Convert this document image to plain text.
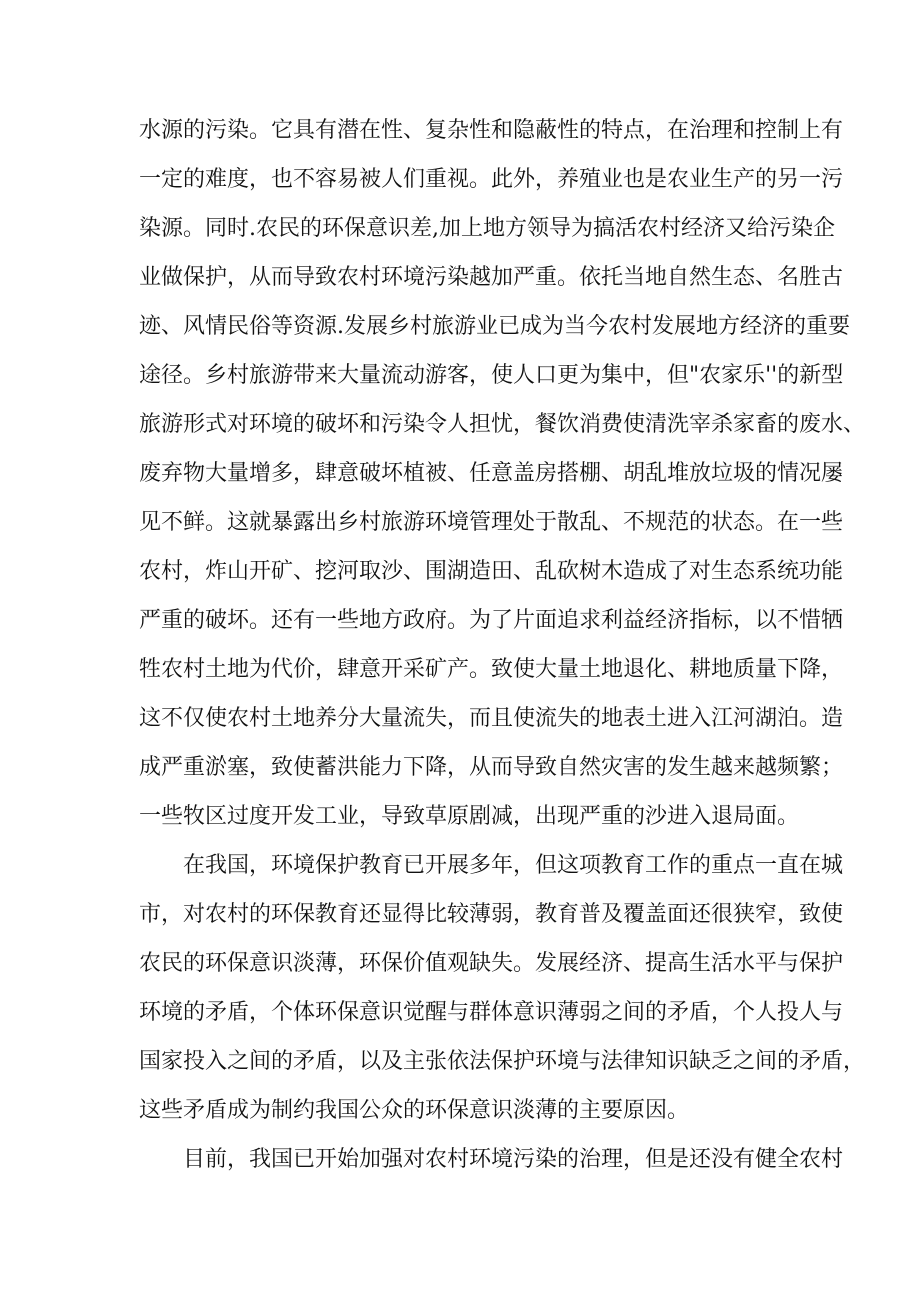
水源的污染。它具有潜在性、复杂性和隐蔽性的特点，在治理和控制上有
一定的难度，也不容易被人们重视。此外，养殖业也是农业生产的另一污
染源。同时.农民的环保意识差,加上地方领导为搞活农村经济又给污染企
业做保护，从而导致农村环境污染越加严重。依托当地自然生态、名胜古
迹、风情民俗等资源.发展乡村旅游业已成为当今农村发展地方经济的重要
途径。乡村旅游带来大量流动游客，使人口更为集中，但"农家乐''的新型
旅游形式对环境的破坏和污染令人担忧，餐饮消费使清洗宰杀家畜的废水、
废弃物大量增多，肆意破坏植被、任意盖房搭棚、胡乱堆放垃圾的情况屡
见不鲜。这就暴露出乡村旅游环境管理处于散乱、不规范的状态。在一些
农村，炸山开矿、挖河取沙、围湖造田、乱砍树木造成了对生态系统功能
严重的破坏。还有一些地方政府。为了片面追求利益经济指标，以不惜牺
牲农村土地为代价，肆意开采矿产。致使大量土地退化、耕地质量下降，
这不仅使农村土地养分大量流失，而且使流失的地表土进入江河湖泊。造
成严重淤塞，致使蓄洪能力下降，从而导致自然灾害的发生越来越频繁；
一些牧区过度开发工业，导致草原剧减，出现严重的沙进入退局面。
在我国，环境保护教育已开展多年，但这项教育工作的重点一直在城
市，对农村的环保教育还显得比较薄弱，教育普及覆盖面还很狭窄，致使
农民的环保意识淡薄，环保价值观缺失。发展经济、提高生活水平与保护
环境的矛盾，个体环保意识觉醒与群体意识薄弱之间的矛盾，个人投人与
国家投入之间的矛盾，以及主张依法保护环境与法律知识缺乏之间的矛盾，
这些矛盾成为制约我国公众的环保意识淡薄的主要原因。
目前，我国已开始加强对农村环境污染的治理，但是还没有健全农村
